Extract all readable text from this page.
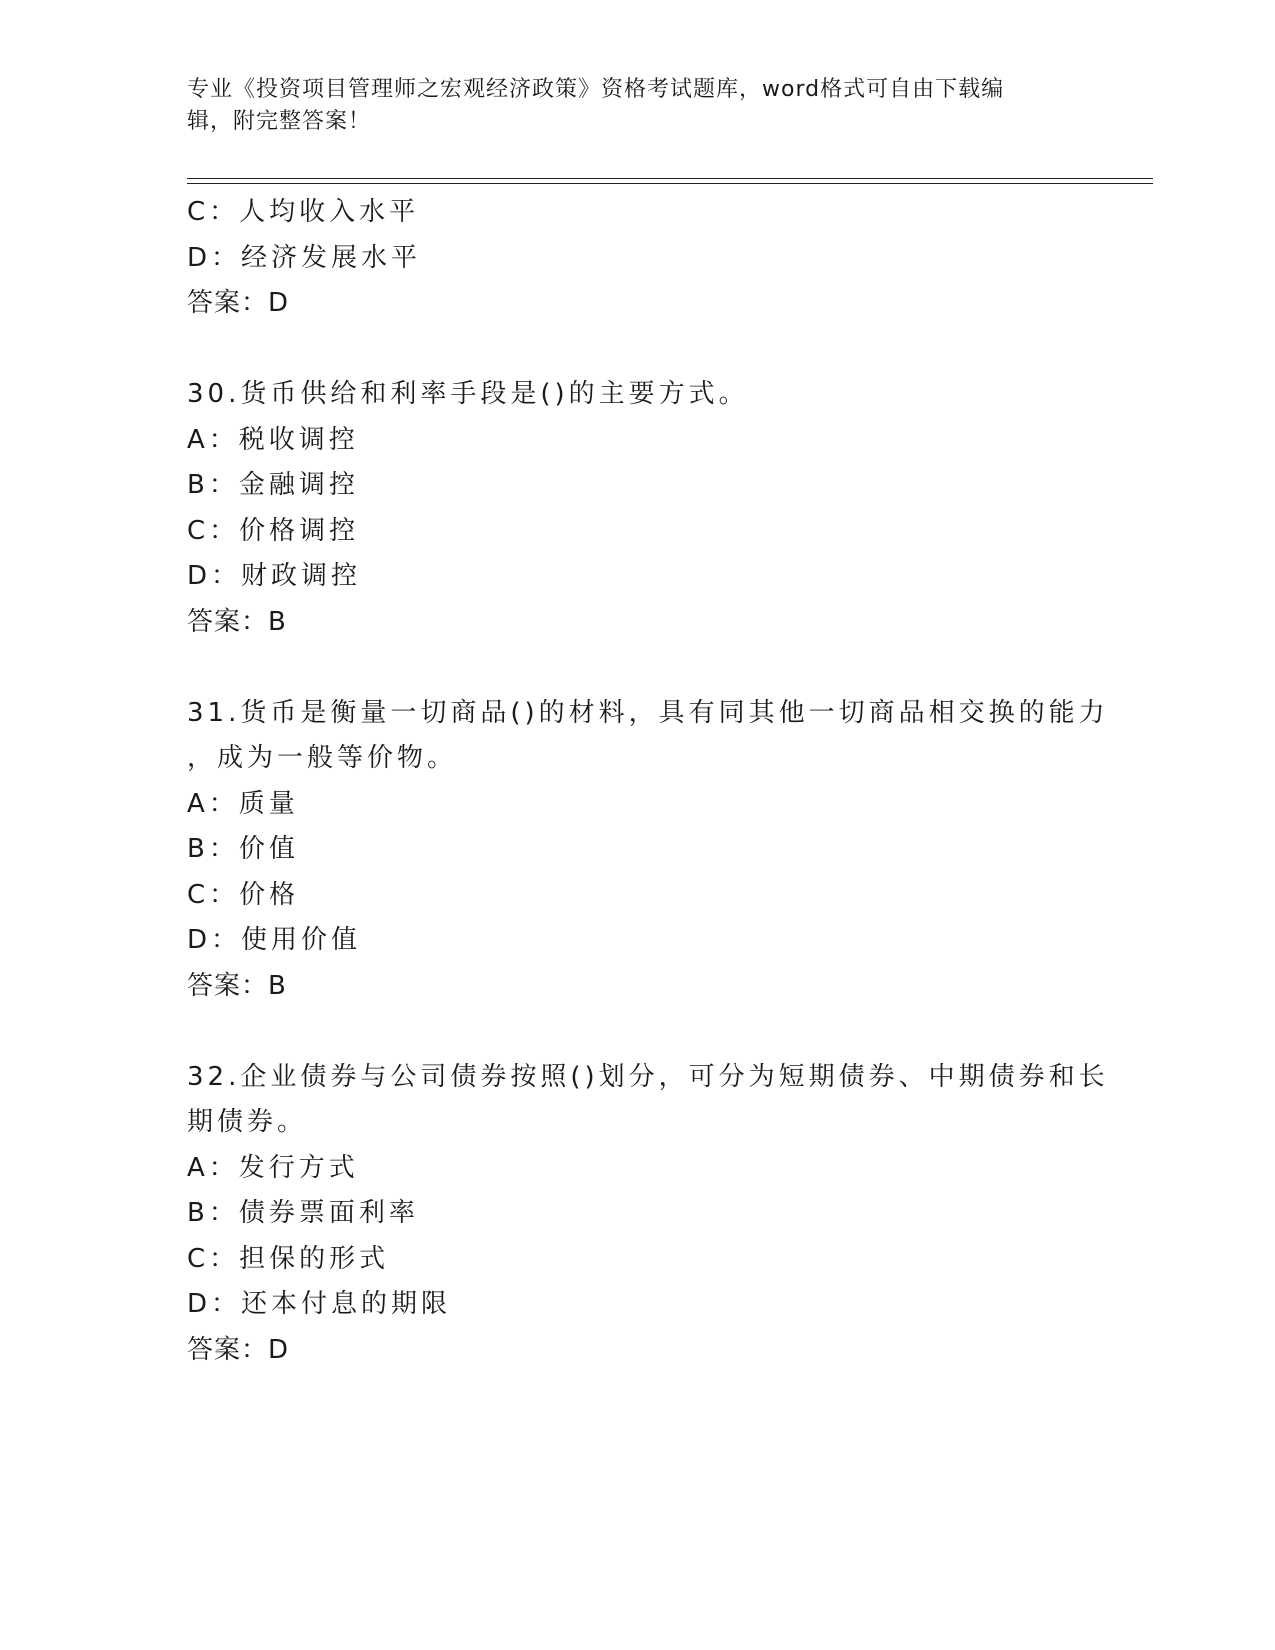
专业《投资项目管理师之宏观经济政策》资格考试题库，word格式可自由下载编
辑，附完整答案！
C：人均收入水平
D：经济发展水平
答案：D
30.货币供给和利率手段是()的主要方式。
A：税收调控
B：金融调控
C：价格调控
D：财政调控
答案：B
31.货币是衡量一切商品()的材料，具有同其他一切商品相交换的能力
，成为一般等价物。
A：质量
B：价值
C：价格
D：使用价值
答案：B
32.企业债券与公司债券按照()划分，可分为短期债券、中期债券和长
期债券。
A：发行方式
B：债券票面利率
C：担保的形式
D：还本付息的期限
答案：D
